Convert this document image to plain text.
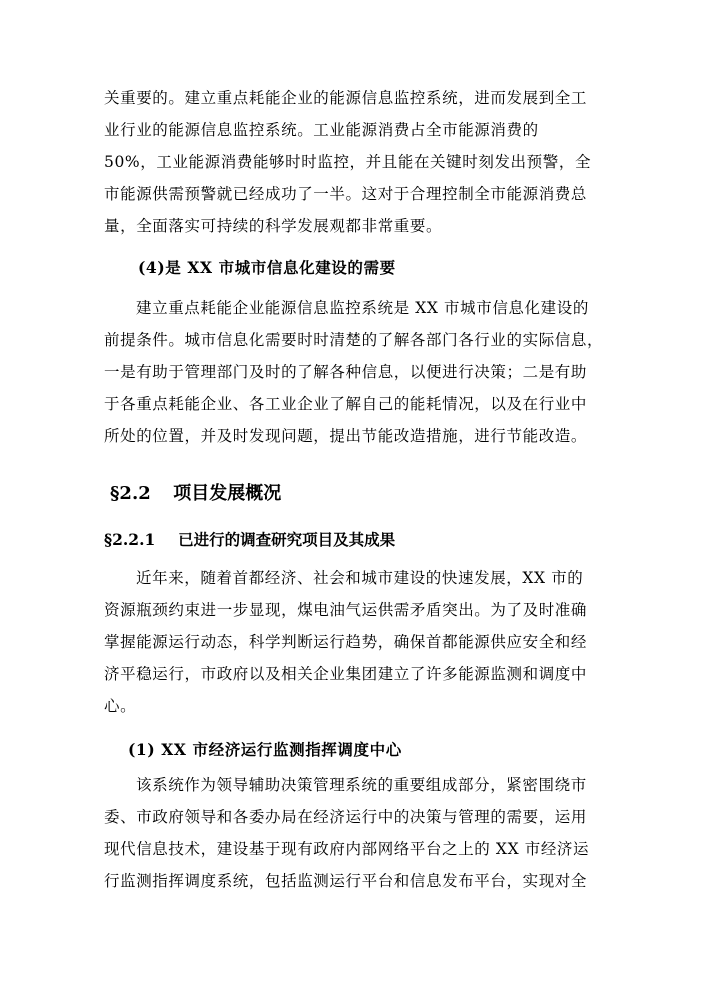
关重要的。建立重点耗能企业的能源信息监控系统，进而发展到全工
业行业的能源信息监控系统。工业能源消费占全市能源消费的
50%，工业能源消费能够时时监控，并且能在关键时刻发出预警，全
市能源供需预警就已经成功了一半。这对于合理控制全市能源消费总
量，全面落实可持续的科学发展观都非常重要。
(4)是 XX 市城市信息化建设的需要
建立重点耗能企业能源信息监控系统是 XX 市城市信息化建设的
前提条件。城市信息化需要时时清楚的了解各部门各行业的实际信息，
一是有助于管理部门及时的了解各种信息，以便进行决策；二是有助
于各重点耗能企业、各工业企业了解自己的能耗情况，以及在行业中
所处的位置，并及时发现问题，提出节能改造措施，进行节能改造。
§2.2 项目发展概况
§2.2.1 已进行的调查研究项目及其成果
近年来，随着首都经济、社会和城市建设的快速发展，XX 市的
资源瓶颈约束进一步显现，煤电油气运供需矛盾突出。为了及时准确
掌握能源运行动态，科学判断运行趋势，确保首都能源供应安全和经
济平稳运行，市政府以及相关企业集团建立了许多能源监测和调度中
心。
(1) XX 市经济运行监测指挥调度中心
该系统作为领导辅助决策管理系统的重要组成部分，紧密围绕市
委、市政府领导和各委办局在经济运行中的决策与管理的需要，运用
现代信息技术，建设基于现有政府内部网络平台之上的 XX 市经济运
行监测指挥调度系统，包括监测运行平台和信息发布平台，实现对全
